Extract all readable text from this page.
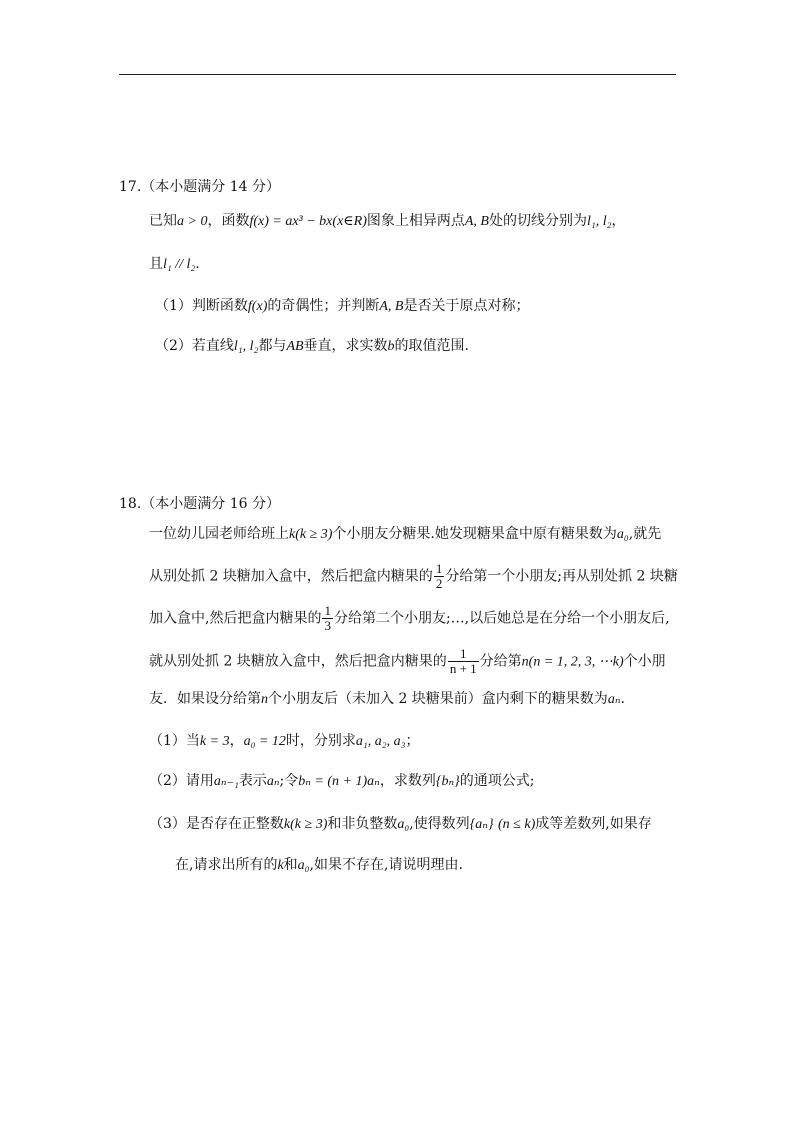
17.（本小题满分 14 分）
已知a > 0，函数f(x) = ax³ − bx(x∈R)图象上相异两点A, B处的切线分别为l₁, l₂，
且l₁ // l₂.
（1）判断函数f(x)的奇偶性；并判断A, B是否关于原点对称；
（2）若直线l₁, l₂都与AB垂直，求实数b的取值范围.
18.（本小题满分 16 分）
一位幼儿园老师给班上k(k ≥ 3)个小朋友分糖果.她发现糖果盒中原有糖果数为a₀,就先
从别处抓 2 块糖加入盒中，然后把盒内糖果的 $\frac{1}{2}$ 分给第一个小朋友;再从别处抓 2 块糖
加入盒中,然后把盒内糖果的 $\frac{1}{3}$ 分给第二个小朋友;…,以后她总是在分给一个小朋友后,
就从别处抓 2 块糖放入盒中，然后把盒内糖果的 $\frac{1}{n + 1}$ 分给第n(n = 1, 2, 3, ⋯k)个小朋
友．如果设分给第n个小朋友后（未加入 2 块糖果前）盒内剩下的糖果数为aₙ.
（1）当k = 3，a₀ = 12时，分别求a₁, a₂, a₃；
（2）请用aₙ₋₁表示aₙ;令bₙ = (n + 1)aₙ，求数列{bₙ}的通项公式;
（3）是否存在正整数k(k ≥ 3)和非负整数a₀,使得数列{aₙ} (n ≤ k)成等差数列,如果存
在,请求出所有的k和a₀,如果不存在,请说明理由.
